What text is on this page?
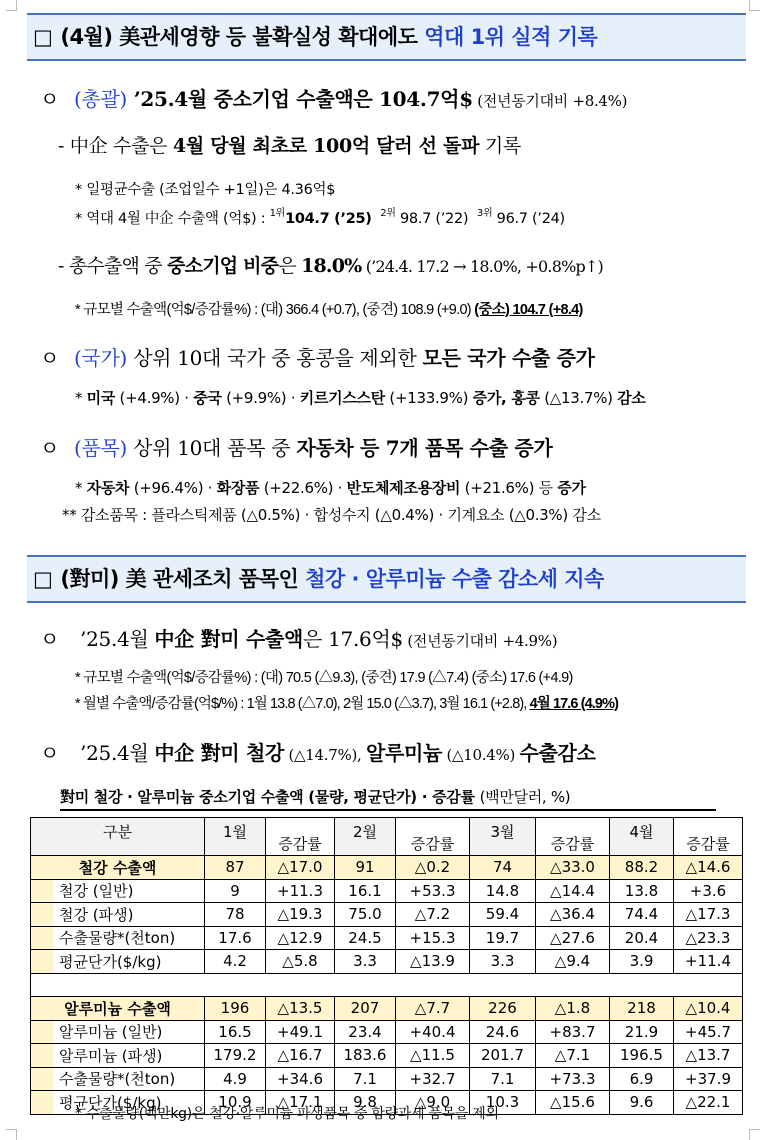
□ (4월) 美관세영향 등 불확실성 확대에도 역대 1위 실적 기록
ㅇ (총괄) ’25.4월 중소기업 수출액은 104.7억$ (전년동기대비 +8.4%)
- 中企 수출은 4월 당월 최초로 100억 달러 선 돌파 기록
* 일평균수출 (조업일수 +1일)은 4.36억$
* 역대 4월 中企 수출액 (억$) : $^{1위}$104.7 (’25) $^{2위}$ 98.7 (’22) $^{3위}$ 96.7 (’24)
- 총수출액 중 중소기업 비중은 18.0% (’24.4. 17.2 → 18.0%, +0.8%p↑)
* 규모별 수출액(억$/증감률%) : (대) 366.4 (+0.7), (중견) 108.9 (+9.0) (중소) 104.7 (+8.4)
ㅇ (국가) 상위 10대 국가 중 홍콩을 제외한 모든 국가 수출 증가
* 미국 (+4.9%) · 중국 (+9.9%) · 키르기스스탄 (+133.9%) 증가, 홍콩 (△13.7%) 감소
ㅇ (품목) 상위 10대 품목 중 자동차 등 7개 품목 수출 증가
* 자동차 (+96.4%) · 화장품 (+22.6%) · 반도체제조용장비 (+21.6%) 등 증가
** 감소품목 : 플라스틱제품 (△0.5%) · 합성수지 (△0.4%) · 기계요소 (△0.3%) 감소
□ (對미) 美 관세조치 품목인 철강 · 알루미늄 수출 감소세 지속
ㅇ ’25.4월 中企 對미 수출액은 17.6억$ (전년동기대비 +4.9%)
* 규모별 수출액(억$/증감률%) : (대) 70.5 (△9.3), (중견) 17.9 (△7.4) (중소) 17.6 (+4.9)
* 월별 수출액/증감률(억$/%) : 1월 13.8 (△7.0), 2월 15.0 (△3.7), 3월 16.1 (+2.8), 4월 17.6 (4.9%)
ㅇ ’25.4월 中企 對미 철강 (△14.7%), 알루미늄 (△10.4%) 수출감소
對미 철강 · 알루미늄 중소기업 수출액 (물량, 평균단가) · 증감률 (백만달러, %)
구분	1월	증감률	2월	증감률	3월	증감률	4월	증감률
철강 수출액	87	△17.0	91	△0.2	74	△33.0	88.2	△14.6
철강 (일반)	9	+11.3	16.1	+53.3	14.8	△14.4	13.8	+3.6
철강 (파생)	78	△19.3	75.0	△7.2	59.4	△36.4	74.4	△17.3
수출물량*(천ton)	17.6	△12.9	24.5	+15.3	19.7	△27.6	20.4	△23.3
평균단가($/kg)	4.2	△5.8	3.3	△13.9	3.3	△9.4	3.9	+11.4

알루미늄 수출액	196	△13.5	207	△7.7	226	△1.8	218	△10.4
알루미늄 (일반)	16.5	+49.1	23.4	+40.4	24.6	+83.7	21.9	+45.7
알루미늄 (파생)	179.2	△16.7	183.6	△11.5	201.7	△7.1	196.5	△13.7
수출물량*(천ton)	4.9	+34.6	7.1	+32.7	7.1	+73.3	6.9	+37.9
평균단가($/kg)	10.9	△17.1	9.8	△9.0	10.3	△15.6	9.6	△22.1
* 수출물량(백만kg)은 철강·알루미늄 파생품목 중 함량과세 품목을 제외
